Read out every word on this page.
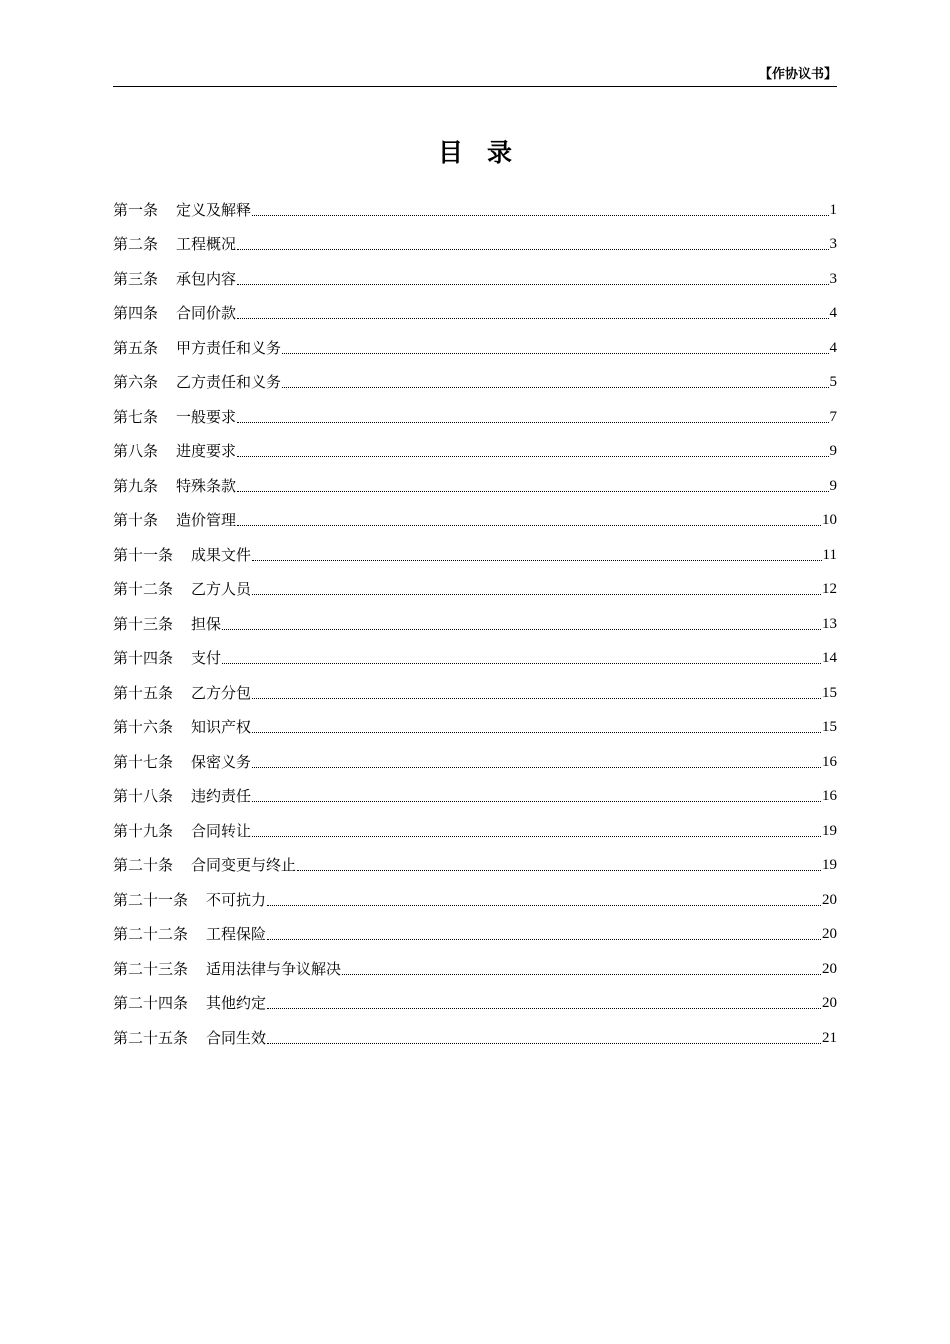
【作协议书】
目录
第一条 定义及解释	1
第二条 工程概况	3
第三条 承包内容	3
第四条 合同价款	4
第五条 甲方责任和义务	4
第六条 乙方责任和义务	5
第七条 一般要求	7
第八条 进度要求	9
第九条 特殊条款	9
第十条 造价管理	10
第十一条 成果文件	11
第十二条 乙方人员	12
第十三条 担保	13
第十四条 支付	14
第十五条 乙方分包	15
第十六条 知识产权	15
第十七条 保密义务	16
第十八条 违约责任	16
第十九条 合同转让	19
第二十条 合同变更与终止	19
第二十一条 不可抗力	20
第二十二条 工程保险	20
第二十三条 适用法律与争议解决	20
第二十四条 其他约定	20
第二十五条 合同生效	21
